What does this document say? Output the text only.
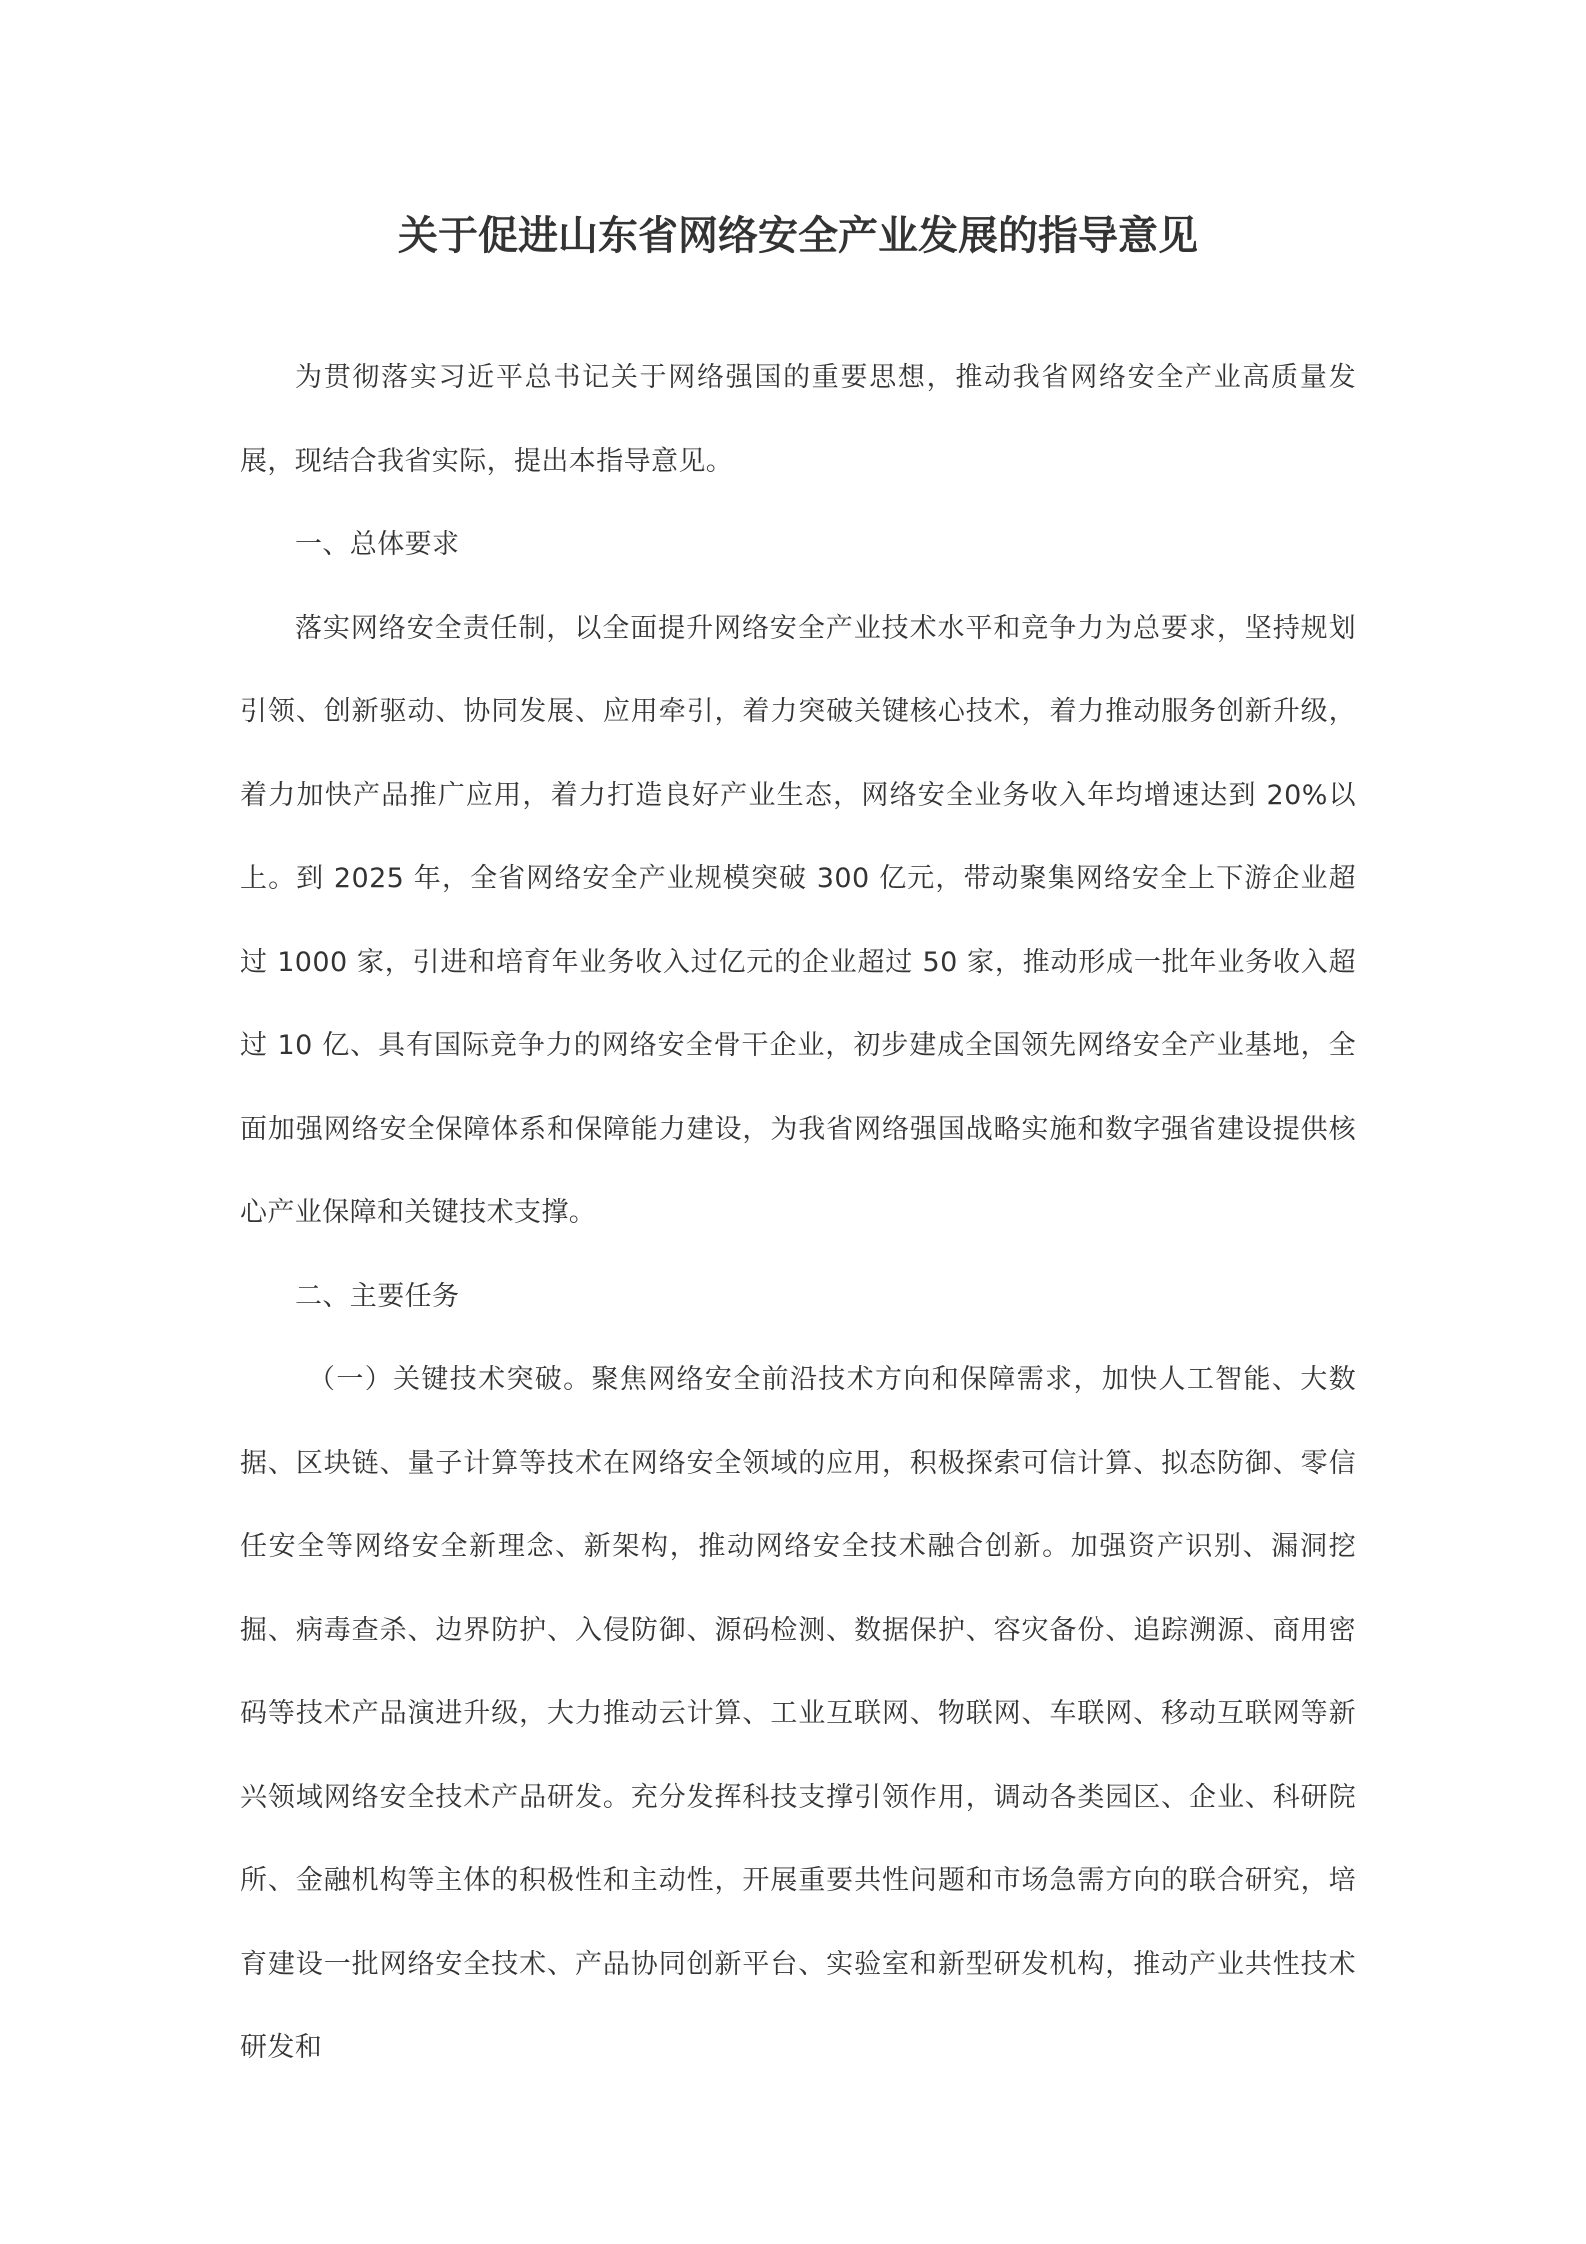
关于促进山东省网络安全产业发展的指导意见

为贯彻落实习近平总书记关于网络强国的重要思想，推动我省网络安全产业高质量发展，现结合我省实际，提出本指导意见。

一、总体要求

落实网络安全责任制，以全面提升网络安全产业技术水平和竞争力为总要求，坚持规划引领、创新驱动、协同发展、应用牵引，着力突破关键核心技术，着力推动服务创新升级，着力加快产品推广应用，着力打造良好产业生态，网络安全业务收入年均增速达到 20%以上。到 2025 年，全省网络安全产业规模突破 300 亿元，带动聚集网络安全上下游企业超过 1000 家，引进和培育年业务收入过亿元的企业超过 50 家，推动形成一批年业务收入超过 10 亿、具有国际竞争力的网络安全骨干企业，初步建成全国领先网络安全产业基地，全面加强网络安全保障体系和保障能力建设，为我省网络强国战略实施和数字强省建设提供核心产业保障和关键技术支撑。

二、主要任务

（一）关键技术突破。聚焦网络安全前沿技术方向和保障需求，加快人工智能、大数据、区块链、量子计算等技术在网络安全领域的应用，积极探索可信计算、拟态防御、零信任安全等网络安全新理念、新架构，推动网络安全技术融合创新。加强资产识别、漏洞挖掘、病毒查杀、边界防护、入侵防御、源码检测、数据保护、容灾备份、追踪溯源、商用密码等技术产品演进升级，大力推动云计算、工业互联网、物联网、车联网、移动互联网等新兴领域网络安全技术产品研发。充分发挥科技支撑引领作用，调动各类园区、企业、科研院所、金融机构等主体的积极性和主动性，开展重要共性问题和市场急需方向的联合研究，培育建设一批网络安全技术、产品协同创新平台、实验室和新型研发机构，推动产业共性技术研发和
